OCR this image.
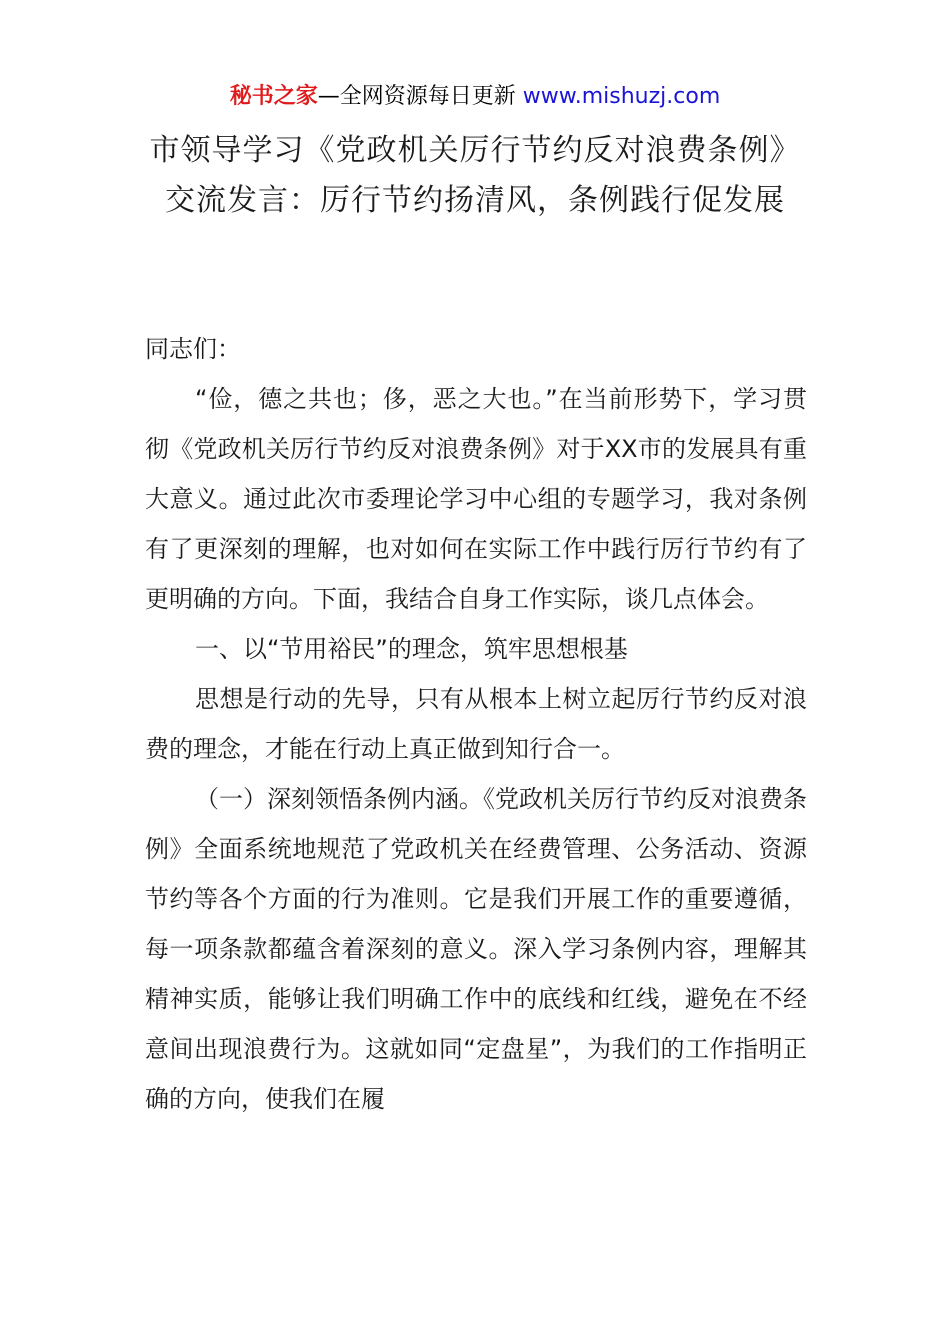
秘书之家—全网资源每日更新 www.mishuzj.com
市领导学习《党政机关厉行节约反对浪费条例》交流发言：厉行节约扬清风，条例践行促发展

同志们：

“俭，德之共也；侈，恶之大也。”在当前形势下，学习贯彻《党政机关厉行节约反对浪费条例》对于XX市的发展具有重大意义。通过此次市委理论学习中心组的专题学习，我对条例有了更深刻的理解，也对如何在实际工作中践行厉行节约有了更明确的方向。下面，我结合自身工作实际，谈几点体会。

一、以“节用裕民”的理念，筑牢思想根基

思想是行动的先导，只有从根本上树立起厉行节约反对浪费的理念，才能在行动上真正做到知行合一。

（一）深刻领悟条例内涵。《党政机关厉行节约反对浪费条例》全面系统地规范了党政机关在经费管理、公务活动、资源节约等各个方面的行为准则。它是我们开展工作的重要遵循，每一项条款都蕴含着深刻的意义。深入学习条例内容，理解其精神实质，能够让我们明确工作中的底线和红线，避免在不经意间出现浪费行为。这就如同“定盘星”，为我们的工作指明正确的方向，使我们在履
